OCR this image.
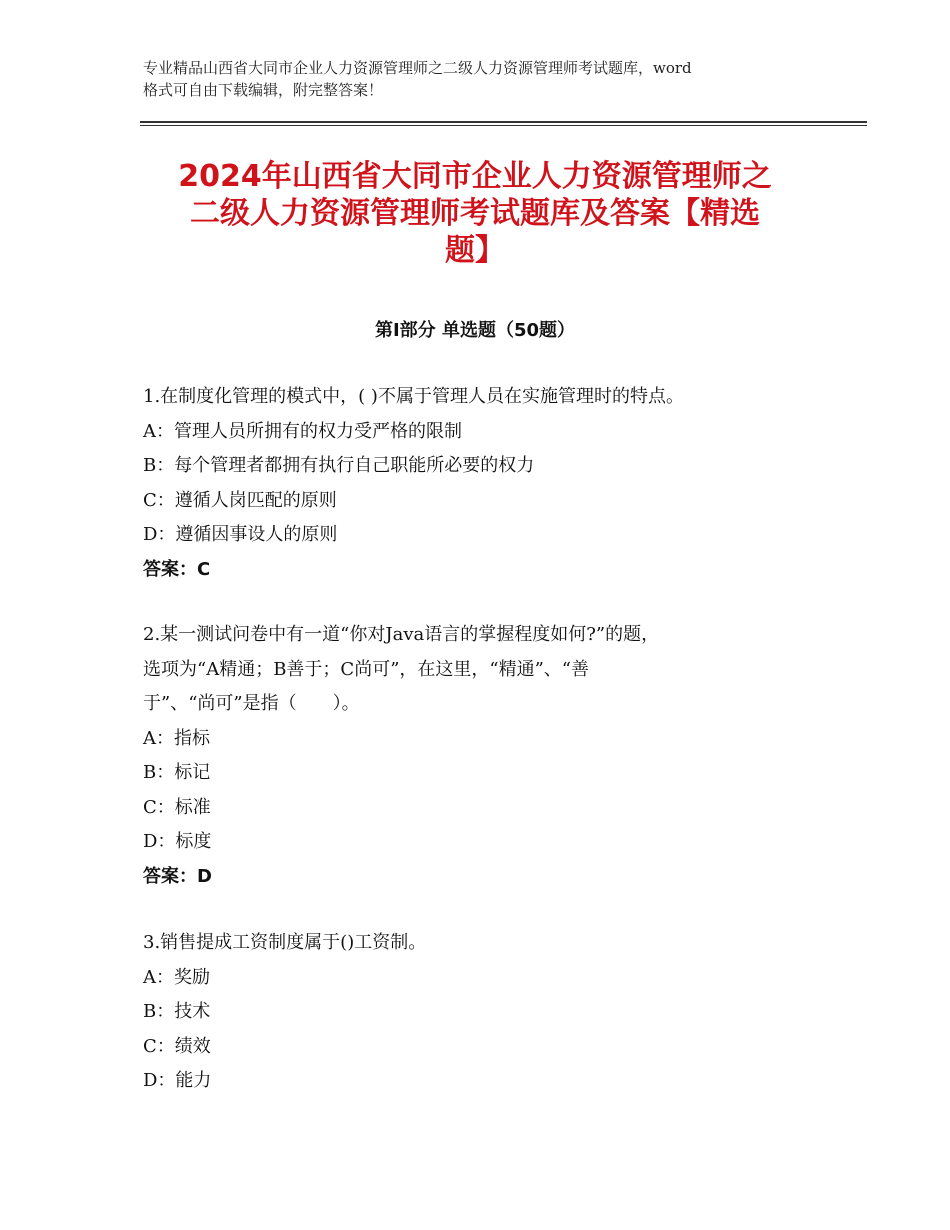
专业精品山西省大同市企业人力资源管理师之二级人力资源管理师考试题库，word
格式可自由下载编辑，附完整答案！
2024年山西省大同市企业人力资源管理师之
二级人力资源管理师考试题库及答案【精选
题】
第Ⅰ部分 单选题（50题）
1.在制度化管理的模式中，( )不属于管理人员在实施管理时的特点。
A：管理人员所拥有的权力受严格的限制
B：每个管理者都拥有执行自己职能所必要的权力
C：遵循人岗匹配的原则
D：遵循因事设人的原则
答案：C
2.某一测试问卷中有一道“你对Java语言的掌握程度如何?”的题，
选项为“A精通；B善于；C尚可”，在这里，“精通”、“善
于”、“尚可”是指（　　）。
A：指标
B：标记
C：标准
D：标度
答案：D
3.销售提成工资制度属于()工资制。
A：奖励
B：技术
C：绩效
D：能力
